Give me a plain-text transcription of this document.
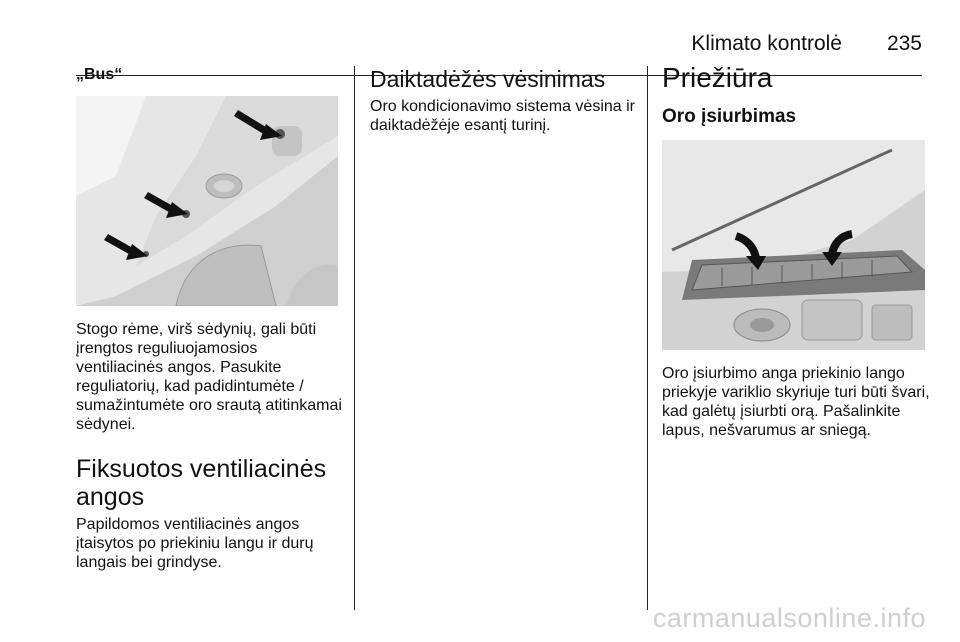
Klimato kontrolė 235
„Bus“

Stogo rėme, virš sėdynių, gali būti
įrengtos reguliuojamosios
ventiliacinės angos. Pasukite
reguliatorių, kad padidintumėte /
sumažintumėte oro srautą atitinkamai
sėdynei.

Fiksuotos ventiliacinės
angos

Papildomos ventiliacinės angos
įtaisytos po priekiniu langu ir durų
langais bei grindyse.

Daiktadėžės vėsinimas

Oro kondicionavimo sistema vėsina ir
daiktadėžėje esantį turinį.

Priežiūra
Oro įsiurbimas

Oro įsiurbimo anga priekinio lango
priekyje variklio skyriuje turi būti švari,
kad galėtų įsiurbti orą. Pašalinkite
lapus, nešvarumus ar sniegą.

carmanualsonline.info
